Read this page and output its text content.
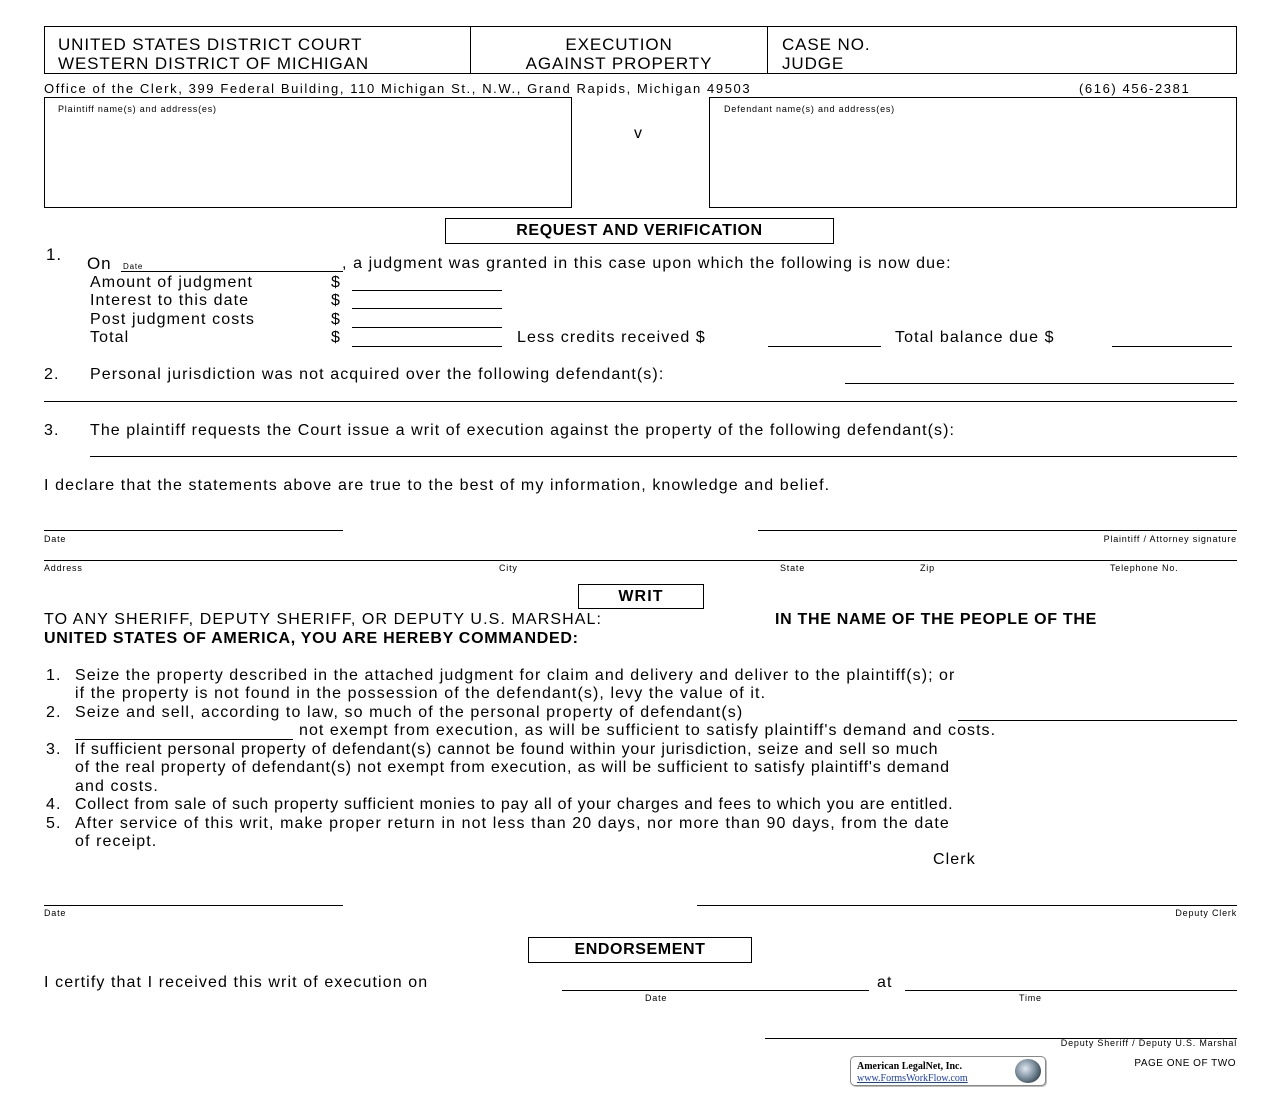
UNITED STATES DISTRICT COURT
WESTERN DISTRICT OF MICHIGAN
EXECUTION
AGAINST PROPERTY
CASE NO.
JUDGE
Office of the Clerk, 399 Federal Building, 110 Michigan St., N.W., Grand Rapids, Michigan 49503	(616) 456-2381
Plaintiff name(s) and address(es)
v
Defendant name(s) and address(es)
REQUEST AND VERIFICATION
1. On Date	, a judgment was granted in this case upon which the following is now due:
Amount of judgment	$
Interest to this date	$
Post judgment costs	$
Total	$	Less credits received $	Total balance due $
2. Personal jurisdiction was not acquired over the following defendant(s):
3. The plaintiff requests the Court issue a writ of execution against the property of the following defendant(s):
I declare that the statements above are true to the best of my information, knowledge and belief.
Date	Plaintiff / Attorney signature
Address	City	State	Zip	Telephone No.
WRIT
TO ANY SHERIFF, DEPUTY SHERIFF, OR DEPUTY U.S. MARSHAL:	IN THE NAME OF THE PEOPLE OF THE
UNITED STATES OF AMERICA, YOU ARE HEREBY COMMANDED:
1. Seize the property described in the attached judgment for claim and delivery and deliver to the plaintiff(s); or
if the property is not found in the possession of the defendant(s), levy the value of it.
2. Seize and sell, according to law, so much of the personal property of defendant(s)
not exempt from execution, as will be sufficient to satisfy plaintiff's demand and costs.
3. If sufficient personal property of defendant(s) cannot be found within your jurisdiction, seize and sell so much
of the real property of defendant(s) not exempt from execution, as will be sufficient to satisfy plaintiff's demand
and costs.
4. Collect from sale of such property sufficient monies to pay all of your charges and fees to which you are entitled.
5. After service of this writ, make proper return in not less than 20 days, nor more than 90 days, from the date
of receipt.
Clerk
Date	Deputy Clerk
ENDORSEMENT
I certify that I received this writ of execution on
Date
at
Time
Deputy Sheriff / Deputy U.S. Marshal
American LegalNet, Inc.
www.FormsWorkFlow.com
PAGE ONE OF TWO
